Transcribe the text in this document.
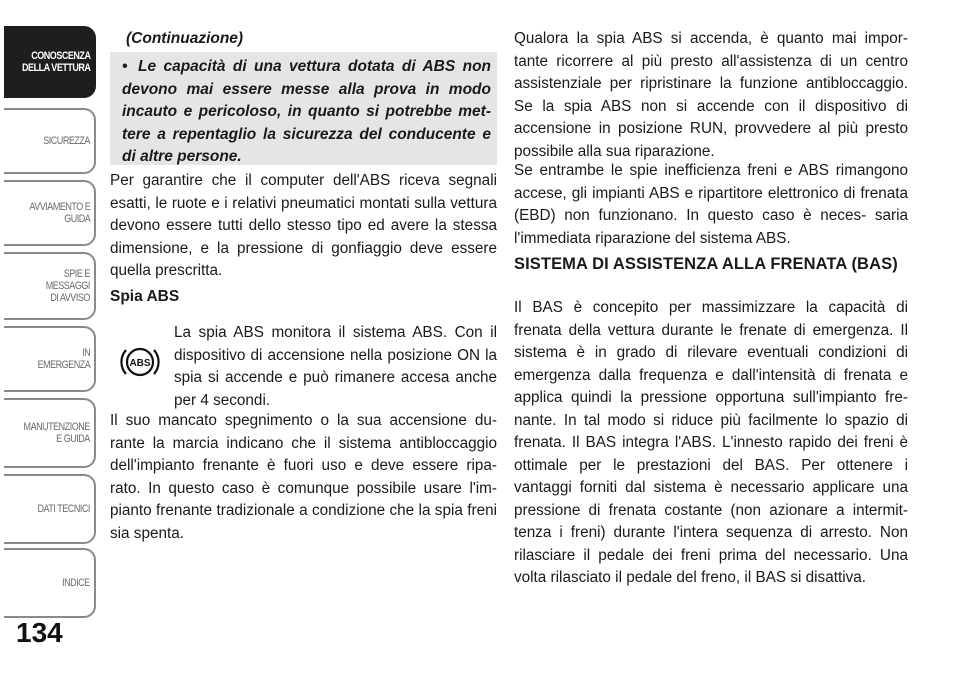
CONOSCENZA
DELLA VETTURA
SICUREZZA
AVVIAMENTO E
GUIDA
SPIE E
MESSAGGI
DI AVVISO
IN
EMERGENZA
MANUTENZIONE
E GUIDA
DATI TECNICI
INDICE
134

(Continuazione)

• Le capacità di una vettura dotata di ABS non devono mai essere messe alla prova in modo incauto e pericoloso, in quanto si potrebbe met- tere a repentaglio la sicurezza del conducente e di altre persone.

Per garantire che il computer dell'ABS riceva segnali esatti, le ruote e i relativi pneumatici montati sulla vettura devono essere tutti dello stesso tipo ed avere la stessa dimensione, e la pressione di gonfiaggio deve essere quella prescritta.

Spia ABS

ABS

La spia ABS monitora il sistema ABS. Con il dispositivo di accensione nella posizione ON la spia si accende e può rimanere accesa anche per 4 secondi.

Il suo mancato spegnimento o la sua accensione du- rante la marcia indicano che il sistema antibloccaggio dell'impianto frenante è fuori uso e deve essere ripa- rato. In questo caso è comunque possibile usare l'im- pianto frenante tradizionale a condizione che la spia freni sia spenta.

Qualora la spia ABS si accenda, è quanto mai impor- tante ricorrere al più presto all'assistenza di un centro assistenziale per ripristinare la funzione antibloccaggio. Se la spia ABS non si accende con il dispositivo di accensione in posizione RUN, provvedere al più presto possibile alla sua riparazione.

Se entrambe le spie inefficienza freni e ABS rimangono accese, gli impianti ABS e ripartitore elettronico di frenata (EBD) non funzionano. In questo caso è neces- saria l'immediata riparazione del sistema ABS.

SISTEMA DI ASSISTENZA ALLA FRENATA (BAS)

Il BAS è concepito per massimizzare la capacità di frenata della vettura durante le frenate di emergenza. Il sistema è in grado di rilevare eventuali condizioni di emergenza dalla frequenza e dall'intensità di frenata e applica quindi la pressione opportuna sull'impianto fre- nante. In tal modo si riduce più facilmente lo spazio di frenata. Il BAS integra l'ABS. L'innesto rapido dei freni è ottimale per le prestazioni del BAS. Per ottenere i vantaggi forniti dal sistema è necessario applicare una pressione di frenata costante (non azionare a intermit- tenza i freni) durante l'intera sequenza di arresto. Non rilasciare il pedale dei freni prima del necessario. Una volta rilasciato il pedale del freno, il BAS si disattiva.
